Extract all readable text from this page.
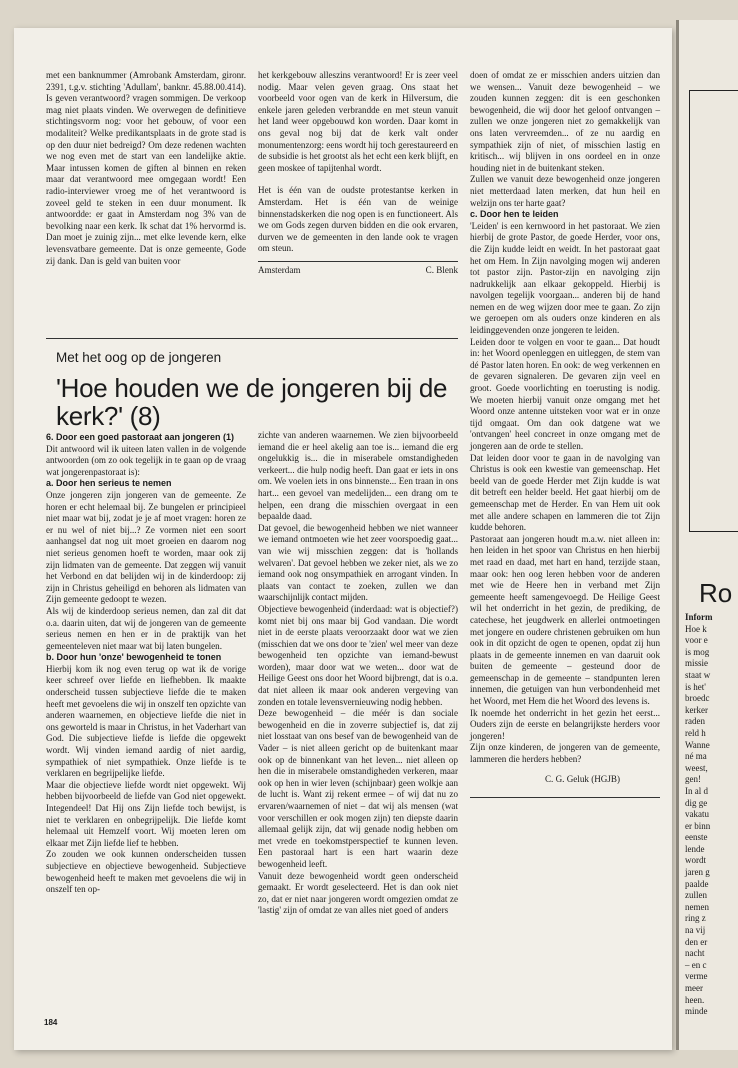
met een banknummer (Amrobank Amsterdam, gironr. 2391, t.g.v. stichting 'Adullam', banknr. 45.88.00.414). Is geven verantwoord? vragen sommigen. De verkoop mag niet plaats vinden. We overwegen de definitieve stichtingsvorm nog: voor het gebouw, of voor een modaliteit? Welke predikantsplaats in de grote stad is op den duur niet bedreigd? Om deze redenen wachten we nog even met de start van een landelijke aktie. Maar intussen komen de giften al binnen en reken maar dat verantwoord mee omgegaan wordt! Een radio-interviewer vroeg me of het verantwoord is zoveel geld te steken in een duur monument. Ik antwoordde: er gaat in Amsterdam nog 3% van de bevolking naar een kerk. Ik schat dat 1% hervormd is. Dan moet je zuinig zijn... met elke levende kern, elke levensvatbare gemeente. Dat is onze gemeente, Gode zij dank. Dan is geld van buiten voor

het kerkgebouw alleszins verantwoord! Er is zeer veel nodig. Maar velen geven graag. Ons staat het voorbeeld voor ogen van de kerk in Hilversum, die enkele jaren geleden verbrandde en met steun vanuit het land weer opgebouwd kon worden. Daar komt in ons geval nog bij dat de kerk valt onder monumentenzorg: eens wordt hij toch gerestaureerd en de subsidie is het grootst als het echt een kerk blijft, en geen moskee of tapijtenhal wordt.

Het is één van de oudste protestantse kerken in Amsterdam. Het is één van de weinige binnenstadskerken die nog open is en functioneert. Als we om Gods zegen durven bidden en die ook ervaren, durven we de gemeenten in den lande ook te vragen om steun.

Amsterdam	C. Blenk
Met het oog op de jongeren
'Hoe houden we de jongeren bij de kerk?' (8)

6. Door een goed pastoraat aan jongeren (1)

Dit antwoord wil ik uiteen laten vallen in de volgende antwoorden (om zo ook tegelijk in te gaan op de vraag wat jongerenpastoraat is):

a. Door hen serieus te nemen

Onze jongeren zijn jongeren van de gemeente. Ze horen er echt helemaal bij. Ze bungelen er principieel niet maar wat bij, zodat je je af moet vragen: horen ze er nu wel of niet bij...? Ze vormen niet een soort aanhangsel dat nog uit moet groeien en daarom nog niet serieus genomen hoeft te worden, maar ook zij zijn lidmaten van de gemeente. Dat zeggen wij vanuit het Verbond en dat belijden wij in de kinderdoop: zij zijn in Christus geheiligd en behoren als lidmaten van Zijn gemeente gedoopt te wezen.

Als wij de kinderdoop serieus nemen, dan zal dit dat o.a. daarin uiten, dat wij de jongeren van de gemeente serieus nemen en hen er in de praktijk van het gemeenteleven niet maar wat bij laten bungelen.

b. Door hun 'onze' bewogenheid te tonen

Hierbij kom ik nog even terug op wat ik de vorige keer schreef over liefde en liefhebben. Ik maakte onderscheid tussen subjectieve liefde die te maken heeft met gevoelens die wij in onszelf ten opzichte van anderen waarnemen, en objectieve liefde die niet in ons geworteld is maar in Christus, in het Vaderhart van God. Die subjectieve liefde is liefde die opgewekt wordt. Wij vinden iemand aardig of niet aardig, sympathiek of niet sympathiek. Onze liefde is te verklaren en begrijpelijke liefde.

Maar die objectieve liefde wordt niet opgewekt. Wij hebben bijvoorbeeld de liefde van God niet opgewekt. Integendeel! Dat Hij ons Zijn liefde toch bewijst, is niet te verklaren en onbegrijpelijk. Die liefde komt helemaal uit Hemzelf voort. Wij moeten leren om elkaar met Zijn liefde lief te hebben.

Zo zouden we ook kunnen onderscheiden tussen subjectieve en objectieve bewogenheid. Subjectieve bewogenheid heeft te maken met gevoelens die wij in onszelf ten op-

zichte van anderen waarnemen. We zien bijvoorbeeld iemand die er heel akelig aan toe is... iemand die erg ongelukkig is... die in miserabele omstandigheden verkeert... die hulp nodig heeft. Dan gaat er iets in ons om. We voelen iets in ons binnenste... Een traan in ons hart... een gevoel van medelijden... een drang om te helpen, een drang die misschien overgaat in een bepaalde daad.

Dat gevoel, die bewogenheid hebben we niet wanneer we iemand ontmoeten wie het zeer voorspoedig gaat... van wie wij misschien zeggen: dat is 'hollands welvaren'. Dat gevoel hebben we zeker niet, als we zo iemand ook nog onsympathiek en arrogant vinden. In plaats van contact te zoeken, zullen we dan waarschijnlijk contact mijden.

Objectieve bewogenheid (inderdaad: wat is objectief?) komt niet bij ons maar bij God vandaan. Die wordt niet in de eerste plaats veroorzaakt door wat we zien (misschien dat we ons door te 'zien' wel meer van deze bewogenheid ten opzichte van iemand-bewust worden), maar door wat we weten... door wat de Heilige Geest ons door het Woord bijbrengt, dat is o.a. dat niet alleen ik maar ook anderen vergeving van zonden en totale levensvernieuwing nodig hebben.

Deze bewogenheid – die méér is dan sociale bewogenheid en die in zoverre subjectief is, dat zij niet losstaat van ons besef van de bewogenheid van de Vader – is niet alleen gericht op de buitenkant maar ook op de binnenkant van het leven... niet alleen op hen die in miserabele omstandigheden verkeren, maar ook op hen in wier leven (schijnbaar) geen wolkje aan de lucht is. Want zij rekent ermee – of wij dat nu zo ervaren/waarnemen of niet – dat wij als mensen (wat voor verschillen er ook mogen zijn) ten diepste daarin allemaal gelijk zijn, dat wij genade nodig hebben om met vrede en toekomstperspectief te kunnen leven. Een pastoraal hart is een hart waarin deze bewogenheid leeft.

Vanuit deze bewogenheid wordt geen onderscheid gemaakt. Er wordt geselecteerd. Het is dan ook niet zo, dat er niet naar jongeren wordt omgezien omdat ze 'lastig' zijn of omdat ze van alles niet goed of anders

doen of omdat ze er misschien anders uitzien dan we wensen... Vanuit deze bewogenheid – we zouden kunnen zeggen: dit is een geschonken bewogenheid, die wij door het geloof ontvangen – zullen we onze jongeren niet zo gemakkelijk van ons laten vervreemden... of ze nu aardig en sympathiek zijn of niet, of misschien lastig en kritisch... wij blijven in ons oordeel en in onze houding niet in de buitenkant steken.

Zullen we vanuit deze bewogenheid onze jongeren niet metterdaad laten merken, dat hun heil en welzijn ons ter harte gaat?

c. Door hen te leiden

'Leiden' is een kernwoord in het pastoraat. We zien hierbij de grote Pastor, de goede Herder, voor ons, die Zijn kudde leidt en weidt. In het pastoraat gaat het om Hem. In Zijn navolging mogen wij anderen tot pastor zijn. Pastor-zijn en navolging zijn nadrukkelijk aan elkaar gekoppeld. Hierbij is navolgen tegelijk voorgaan... anderen bij de hand nemen en de weg wijzen door mee te gaan. Zo zijn we geroepen om als ouders onze kinderen en als leidinggevenden onze jongeren te leiden.

Leiden door te volgen en voor te gaan... Dat houdt in: het Woord openleggen en uitleggen, de stem van dé Pastor laten horen. En ook: de weg verkennen en de gevaren signaleren. De gevaren zijn veel en groot. Goede voorlichting en toerusting is nodig. We moeten hierbij vanuit onze omgang met het Woord onze antenne uitsteken voor wat er in onze tijd omgaat. Om dan ook datgene wat we 'ontvangen' heel concreet in onze omgang met de jongeren aan de orde te stellen.

Dat leiden door voor te gaan in de navolging van Christus is ook een kwestie van gemeenschap. Het beeld van de goede Herder met Zijn kudde is wat dit betreft een helder beeld. Het gaat hierbij om de gemeenschap met de Herder. En van Hem uit ook met alle andere schapen en lammeren die tot Zijn kudde behoren.

Pastoraat aan jongeren houdt m.a.w. niet alleen in: hen leiden in het spoor van Christus en hen hierbij met raad en daad, met hart en hand, terzijde staan, maar ook: hen oog leren hebben voor de anderen met wie de Heere hen in verband met Zijn gemeente heeft samengevoegd. De Heilige Geest wil het onderricht in het gezin, de prediking, de catechese, het jeugdwerk en allerlei ontmoetingen met jongere en oudere christenen gebruiken om hun ook in dit opzicht de ogen te openen, opdat zij hun plaats in de gemeente innemen en van daaruit ook buiten de gemeente – gesteund door de gemeenschap in de gemeente – standpunten leren innemen, die getuigen van hun verbondenheid met het Woord, met Hem die het Woord des levens is.

Ik noemde het onderricht in het gezin het eerst... Ouders zijn de eerste en belangrijkste herders voor jongeren!

Zijn onze kinderen, de jongeren van de gemeente, lammeren die herders hebben?

C. G. Geluk (HGJB)

184
Ro
Inform
Hoe k
voor e
is mog
missie
staat w
is het'
broedc
kerker
raden
reld h
Wanne
né ma
weest,
gen!
In al d
dig ge
vakatu
er binn
eenste
lende
wordt
jaren g
paalde
zullen
nemen
ring z
na vij
den er
nacht
– en c
verme
meer
heen.
minde
